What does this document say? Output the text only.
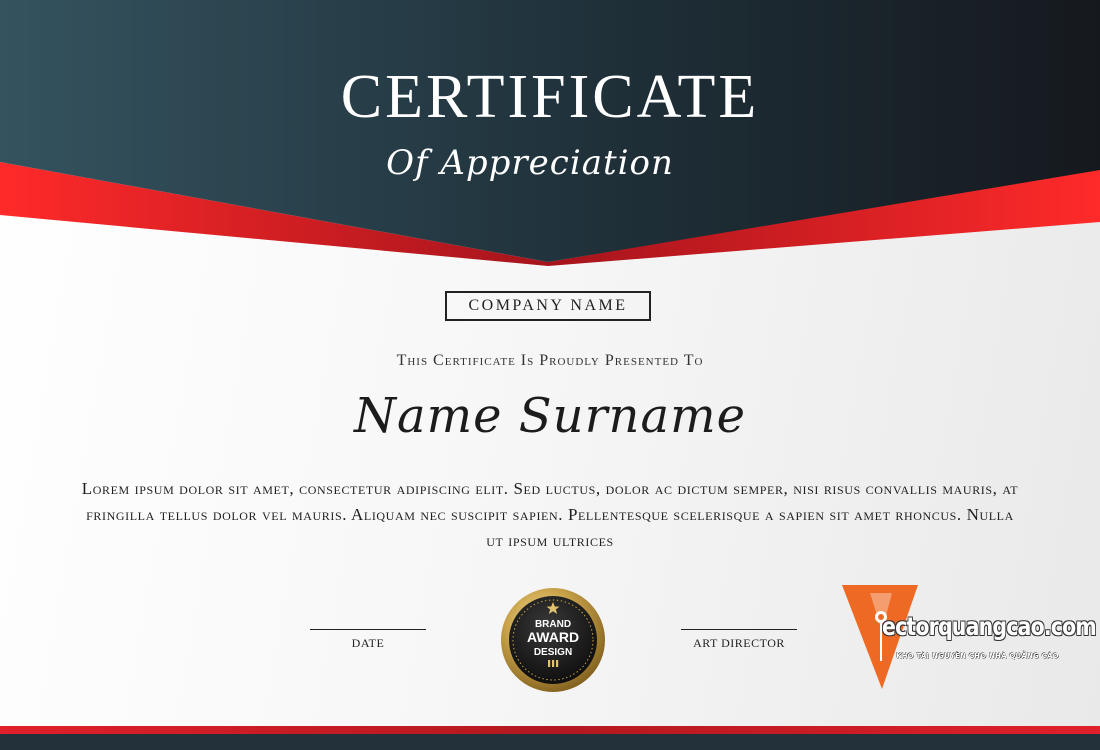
CERTIFICATE
Of Appreciation
COMPANY NAME
This Certificate Is Proudly Presented To
Name Surname
Lorem ipsum dolor sit amet, consectetur adipiscing elit. Sed luctus, dolor ac dictum semper, nisi risus convallis mauris, at fringilla tellus dolor vel mauris. Aliquam nec suscipit sapien. Pellentesque scelerisque a sapien sit amet rhoncus. Nulla ut ipsum ultrices
DATE	ART DIRECTOR
BRAND
AWARD
DESIGN
ectorquangcao.com
KHO TÀI NGUYÊN CHO NHÀ QUẢNG CÁO
